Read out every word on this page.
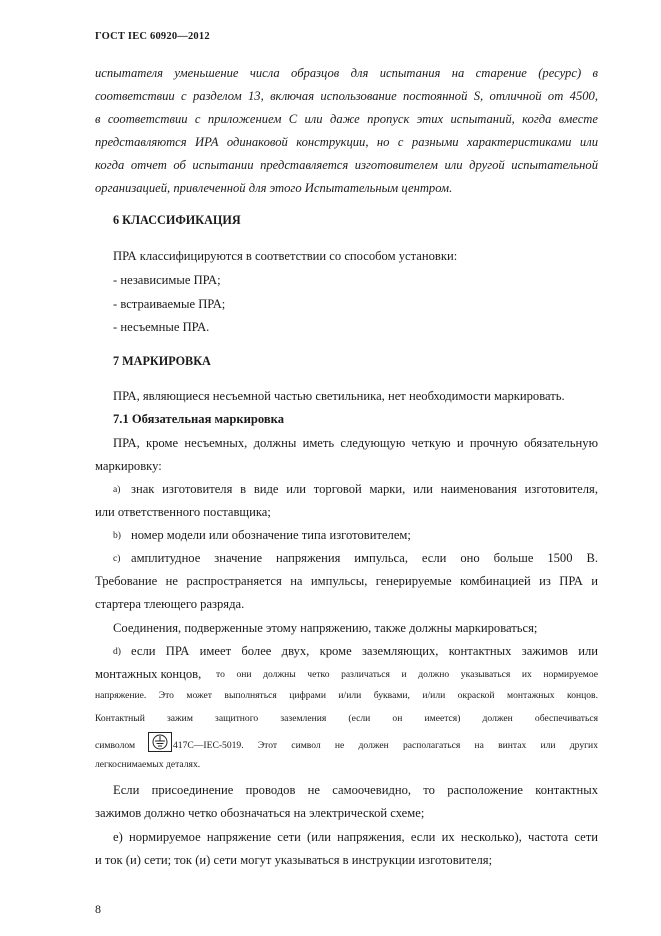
ГОСТ IEC 60920—2012
испытателя уменьшение числа образцов для испытания на старение (ресурс) в
соответствии с разделом 13, включая использование постоянной S, отличной от 4500,
в соответствии с приложением С или даже пропуск этих испытаний, когда вместе
представляются ИРА одинаковой конструкции, но с разными характеристиками или
когда отчет об испытании представляется изготовителем или другой испытательной
организацией, привлеченной для этого Испытательным центром.
6 КЛАССИФИКАЦИЯ
ПРА классифицируются в соответствии со способом установки:
- независимые ПРА;
- встраиваемые ПРА;
- несъемные ПРА.
7 МАРКИРОВКА
ПРА, являющиеся несъемной частью светильника, нет необходимости маркировать.
7.1 Обязательная маркировка
ПРА, кроме несъемных, должны иметь следующую четкую и прочную обязательную
маркировку:
а) знак изготовителя в виде или торговой марки, или наименования изготовителя,
или ответственного поставщика;
b) номер модели или обозначение типа изготовителем;
с) амплитудное значение напряжения импульса, если оно больше 1500 В.
Требование не распространяется на импульсы, генерируемые комбинацией из ПРА и
стартера тлеющего разряда.
Соединения, подверженные этому напряжению, также должны маркироваться;
d) если ПРА имеет более двух, кроме заземляющих, контактных зажимов или
монтажных концов, то они должны четко различаться и должно указываться их нормируемое
напряжение. Это может выполняться цифрами и/или буквами, и/или окраской монтажных концов.
Контактный зажим защитного заземления (если он имеется) должен обеспечиваться
символом	417С—IEC-5019. Этот символ не должен располагаться на винтах или других
легкоснимаемых деталях.
Если присоединение проводов не самоочевидно, то расположение контактных
зажимов должно четко обозначаться на электрической схеме;
е) нормируемое напряжение сети (или напряжения, если их несколько), частота сети
и ток (и) сети; ток (и) сети могут указываться в инструкции изготовителя;
8
